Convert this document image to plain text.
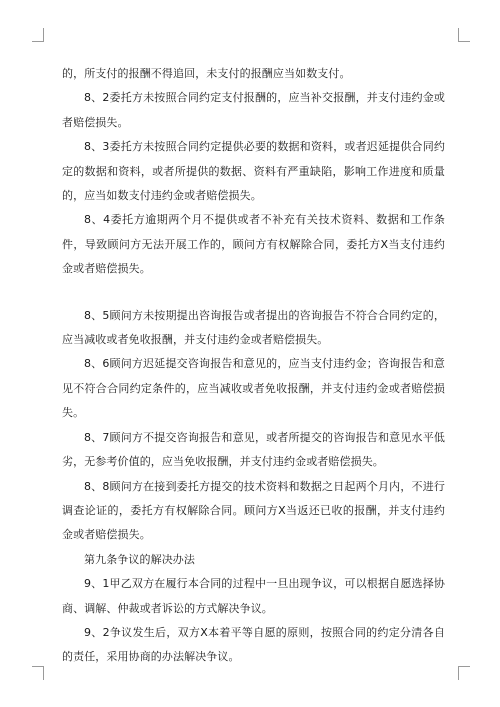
的，所支付的报酬不得追回，未支付的报酬应当如数支付。

8、2委托方未按照合同约定支付报酬的，应当补交报酬，并支付违约金或者赔偿损失。

8、3委托方未按照合同约定提供必要的数据和资料，或者迟延提供合同约定的数据和资料，或者所提供的数据、资料有严重缺陷，影响工作进度和质量的，应当如数支付违约金或者赔偿损失。

8、4委托方逾期两个月不提供或者不补充有关技术资料、数据和工作条件，导致顾问方无法开展工作的，顾问方有权解除合同，委托方X当支付违约金或者赔偿损失。

8、5顾问方未按期提出咨询报告或者提出的咨询报告不符合合同约定的，应当减收或者免收报酬，并支付违约金或者赔偿损失。

8、6顾问方迟延提交咨询报告和意见的，应当支付违约金；咨询报告和意见不符合合同约定条件的，应当减收或者免收报酬，并支付违约金或者赔偿损失。

8、7顾问方不提交咨询报告和意见，或者所提交的咨询报告和意见水平低劣，无参考价值的，应当免收报酬，并支付违约金或者赔偿损失。

8、8顾问方在接到委托方提交的技术资料和数据之日起两个月内，不进行调查论证的，委托方有权解除合同。顾问方X当返还已收的报酬，并支付违约金或者赔偿损失。

第九条争议的解决办法

9、1甲乙双方在履行本合同的过程中一旦出现争议，可以根据自愿选择协商、调解、仲裁或者诉讼的方式解决争议。

9、2争议发生后，双方X本着平等自愿的原则，按照合同的约定分清各自的责任，采用协商的办法解决争议。
